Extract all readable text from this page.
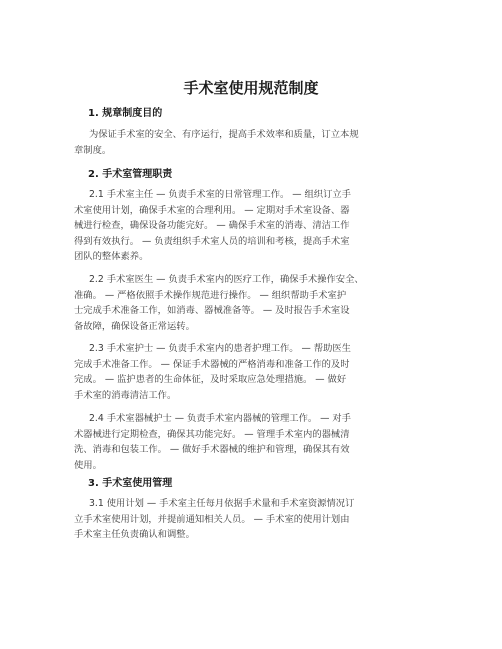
手术室使用规范制度
1. 规章制度目的
为保证手术室的安全、有序运行，提高手术效率和质量，订立本规
章制度。
2. 手术室管理职责
2.1 手术室主任 — 负责手术室的日常管理工作。 — 组织订立手
术室使用计划，确保手术室的合理利用。 — 定期对手术室设备、器
械进行检查，确保设备功能完好。 — 确保手术室的消毒、清洁工作
得到有效执行。 — 负责组织手术室人员的培训和考核，提高手术室
团队的整体素养。
2.2 手术室医生 — 负责手术室内的医疗工作，确保手术操作安全、
准确。 — 严格依照手术操作规范进行操作。 — 组织帮助手术室护
士完成手术准备工作，如消毒、器械准备等。 — 及时报告手术室设
备故障，确保设备正常运转。
2.3 手术室护士 — 负责手术室内的患者护理工作。 — 帮助医生
完成手术准备工作。 — 保证手术器械的严格消毒和准备工作的及时
完成。 — 监护患者的生命体征，及时采取应急处理措施。 — 做好
手术室的消毒清洁工作。
2.4 手术室器械护士 — 负责手术室内器械的管理工作。 — 对手
术器械进行定期检查，确保其功能完好。 — 管理手术室内的器械清
洗、消毒和包装工作。 — 做好手术器械的维护和管理，确保其有效
使用。
3. 手术室使用管理
3.1 使用计划 — 手术室主任每月依据手术量和手术室资源情况订
立手术室使用计划，并提前通知相关人员。 — 手术室的使用计划由
手术室主任负责确认和调整。
